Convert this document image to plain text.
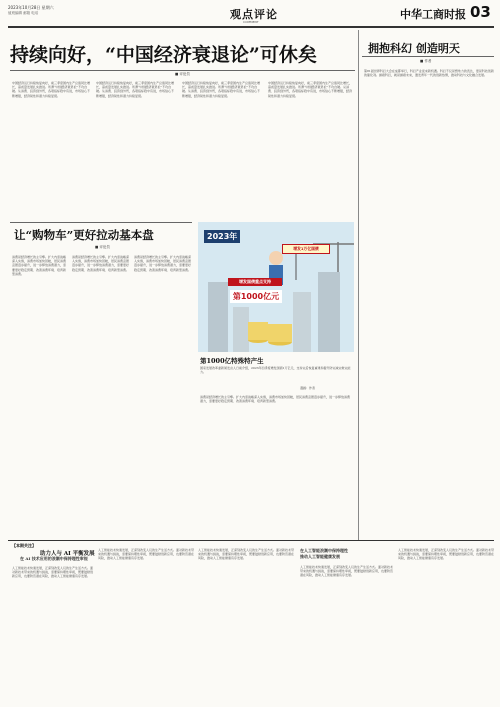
2023年10月28日 星期六
值班编辑 邮箱 电话	观点评论
COMMENT
中华工商时报 03
持续向好，“中国经济衰退论”可休矣
■ 评论员

中国经济运行持续恢复向好，前三季度国内生产总值同比增长，高质量发展扎实推进。所谓“中国经济衰退论”不攻自破。从消费、投资到外贸，各项指标稳中有进，市场信心不断增强，经济韧性和潜力持续显现。

中国经济运行持续恢复向好，前三季度国内生产总值同比增长，高质量发展扎实推进。所谓“中国经济衰退论”不攻自破。从消费、投资到外贸，各项指标稳中有进，市场信心不断增强，经济韧性和潜力持续显现。

中国经济运行持续恢复向好，前三季度国内生产总值同比增长，高质量发展扎实推进。所谓“中国经济衰退论”不攻自破。从消费、投资到外贸，各项指标稳中有进，市场信心不断增强，经济韧性和潜力持续显现。

中国经济运行持续恢复向好，前三季度国内生产总值同比增长，高质量发展扎实推进。所谓“中国经济衰退论”不攻自破。从消费、投资到外贸，各项指标稳中有进，市场信心不断增强，经济韧性和潜力持续显现。

拥抱科幻 创造明天
■ 作者

第81届世界科幻大会在成都举行，科幻产业迎来新机遇。科幻不仅是想象力的表达，更是科技创新的催化剂。拥抱科幻，就是拥抱未来，激发青年一代的创新热情，推动科技与文化融合发展。

让“购物车”更好拉动基本盘
■ 评论员

消费是经济增长的主引擎。扩大内需战略深入实施，消费市场加快回暖，居民消费意愿逐步提升，进一步释放消费潜力，需要更好稳定预期、改善消费环境、培育新型消费。

消费是经济增长的主引擎。扩大内需战略深入实施，消费市场加快回暖，居民消费意愿逐步提升，进一步释放消费潜力，需要更好稳定预期、改善消费环境、培育新型消费。

消费是经济增长的主引擎。扩大内需战略深入实施，消费市场加快回暖，居民消费意愿逐步提升，进一步释放消费潜力，需要更好稳定预期、改善消费环境、培育新型消费。

2023年
增发1万亿国债
增发国债重点支持
第1000亿元
第1000亿特殊特产生
国家发展改革委新闻发言人日前介绍，2023年四季度增发国债1万亿元，支持灾后恢复重建和提升防灾减灾救灾能力。
漫画：作者

消费是经济增长的主引擎。扩大内需战略深入实施，消费市场加快回暖，居民消费意愿逐步提升，进一步释放消费潜力，需要更好稳定预期、改善消费环境、培育新型消费。

【本期关注】
助力人与 AI 平衡发展
在 AI 技术应用的浪潮中保持理性审视

人工智能技术快速发展，正深刻改变人们的生产生活方式。面对新技术带来的机遇与挑战，需要保持理性审视，既要鼓励创新应用，也要防范潜在风险，推动人工智能健康有序发展。

人工智能技术快速发展，正深刻改变人们的生产生活方式。面对新技术带来的机遇与挑战，需要保持理性审视，既要鼓励创新应用，也要防范潜在风险，推动人工智能健康有序发展。

人工智能技术快速发展，正深刻改变人们的生产生活方式。面对新技术带来的机遇与挑战，需要保持理性审视，既要鼓励创新应用，也要防范潜在风险，推动人工智能健康有序发展。

在人工智能浪潮中保持理性
推动人工智能健康发展

人工智能技术快速发展，正深刻改变人们的生产生活方式。面对新技术带来的机遇与挑战，需要保持理性审视，既要鼓励创新应用，也要防范潜在风险，推动人工智能健康有序发展。

人工智能技术快速发展，正深刻改变人们的生产生活方式。面对新技术带来的机遇与挑战，需要保持理性审视，既要鼓励创新应用，也要防范潜在风险，推动人工智能健康有序发展。
